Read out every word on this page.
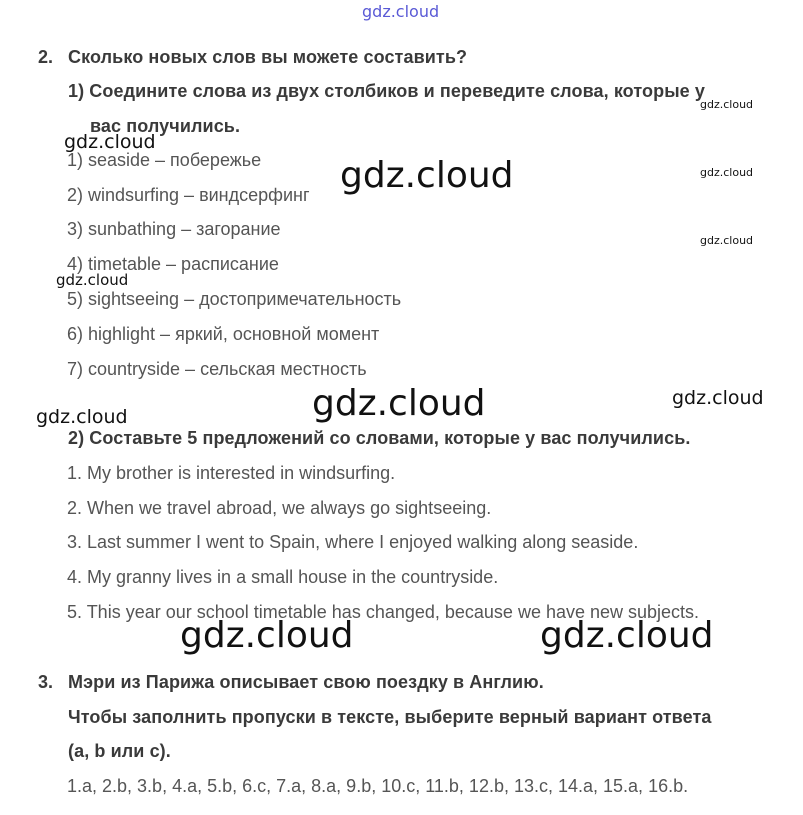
gdz.cloud
2. Сколько новых слов вы можете составить?
1) Соедините слова из двух столбиков и переведите слова, которые у
вас получились.
1) seaside – побережье
2) windsurfing – виндсерфинг
3) sunbathing – загорание
4) timetable – расписание
5) sightseeing – достопримечательность
6) highlight – яркий, основной момент
7) countryside – сельская местность
2) Составьте 5 предложений со словами, которые у вас получились.
1. My brother is interested in windsurfing.
2. When we travel abroad, we always go sightseeing.
3. Last summer I went to Spain, where I enjoyed walking along seaside.
4. My granny lives in a small house in the countryside.
5. This year our school timetable has changed, because we have new subjects.
3. Мэри из Парижа описывает свою поездку в Англию.
Чтобы заполнить пропуски в тексте, выберите верный вариант ответа
(a, b или с).
1.a, 2.b, 3.b, 4.a, 5.b, 6.c, 7.a, 8.a, 9.b, 10.c, 11.b, 12.b, 13.c, 14.a, 15.a, 16.b.
gdz.cloud
gdz.cloud
gdz.cloud	gdz.cloud
gdz.cloud
gdz.cloud
gdz.cloud
gdz.cloud
gdz.cloud
gdz.cloud	gdz.cloud
